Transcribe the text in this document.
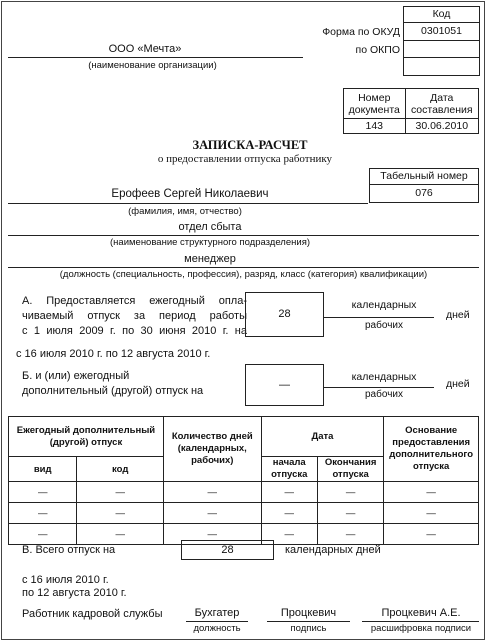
Код
Форма по ОКУД	0301051
по ОКПО
ООО «Мечта»
(наименование организации)
Номер документа	Дата составления
143	30.06.2010
ЗАПИСКА-РАСЧЕТ
о предоставлении отпуска работнику
Табельный номер
076
Ерофеев Сергей Николаевич
(фамилия, имя, отчество)
отдел сбыта
(наименование структурного подразделения)
менеджер
(должность (специальность, профессия), разряд, класс (категория) квалификации)
А. Предоставляется ежегодный опла-
чиваемый отпуск за период работы
с 1 июля 2009 г. по 30 июня 2010 г. на
28
календарных
рабочих
дней
с 16 июля 2010 г. по 12 августа 2010 г.
Б. и (или) ежегодный
дополнительный (другой) отпуск на	—
календарных
рабочих
дней
Ежегодный дополнительный (другой) отпуск		Количество дней (календарных, рабочих)	Дата		Основание предоставления дополнительного отпуска
вид	код		начала отпуска	Окончания отпуска	
—	—	—	—	—	—
—	—	—	—	—	—
—	—	—	—	—	—
В. Всего отпуск на	28	календарных дней
с 16 июля 2010 г.
по 12 августа 2010 г.
Работник кадровой службы	Бухгатер
должность
Процкевич
подпись
Процкевич А.Е.
расшифровка подписи
